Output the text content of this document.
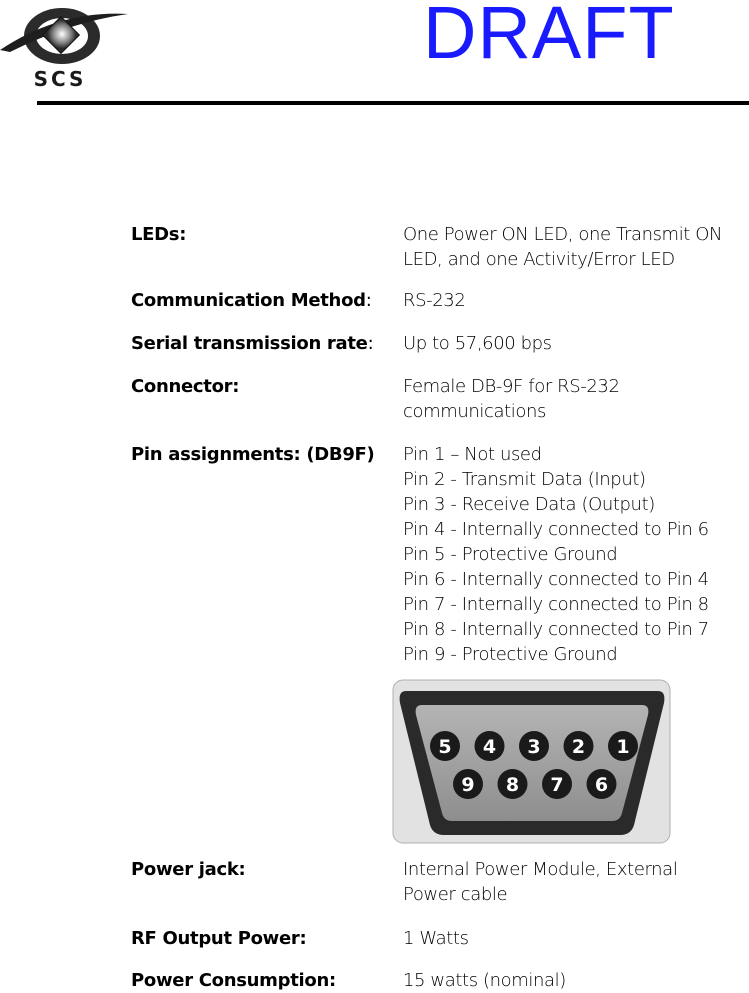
SCS
DRAFT
LEDs:	One Power ON LED, one Transmit ON
LED, and one Activity/Error LED
Communication Method: RS-232
Serial transmission rate: Up to 57,600 bps
Connector:	Female DB-9F for RS-232
communications
Pin assignments: (DB9F) Pin 1 – Not used
Pin 2 - Transmit Data (Input)
Pin 3 - Receive Data (Output)
Pin 4 - Internally connected to Pin 6
Pin 5 - Protective Ground
Pin 6 - Internally connected to Pin 4
Pin 7 - Internally connected to Pin 8
Pin 8 - Internally connected to Pin 7
Pin 9 - Protective Ground
Power jack:	Internal Power Module, External
Power cable
RF Output Power:	1 Watts
Power Consumption:	15 watts (nominal)
5 4 3 2 1
9 8 7 6
